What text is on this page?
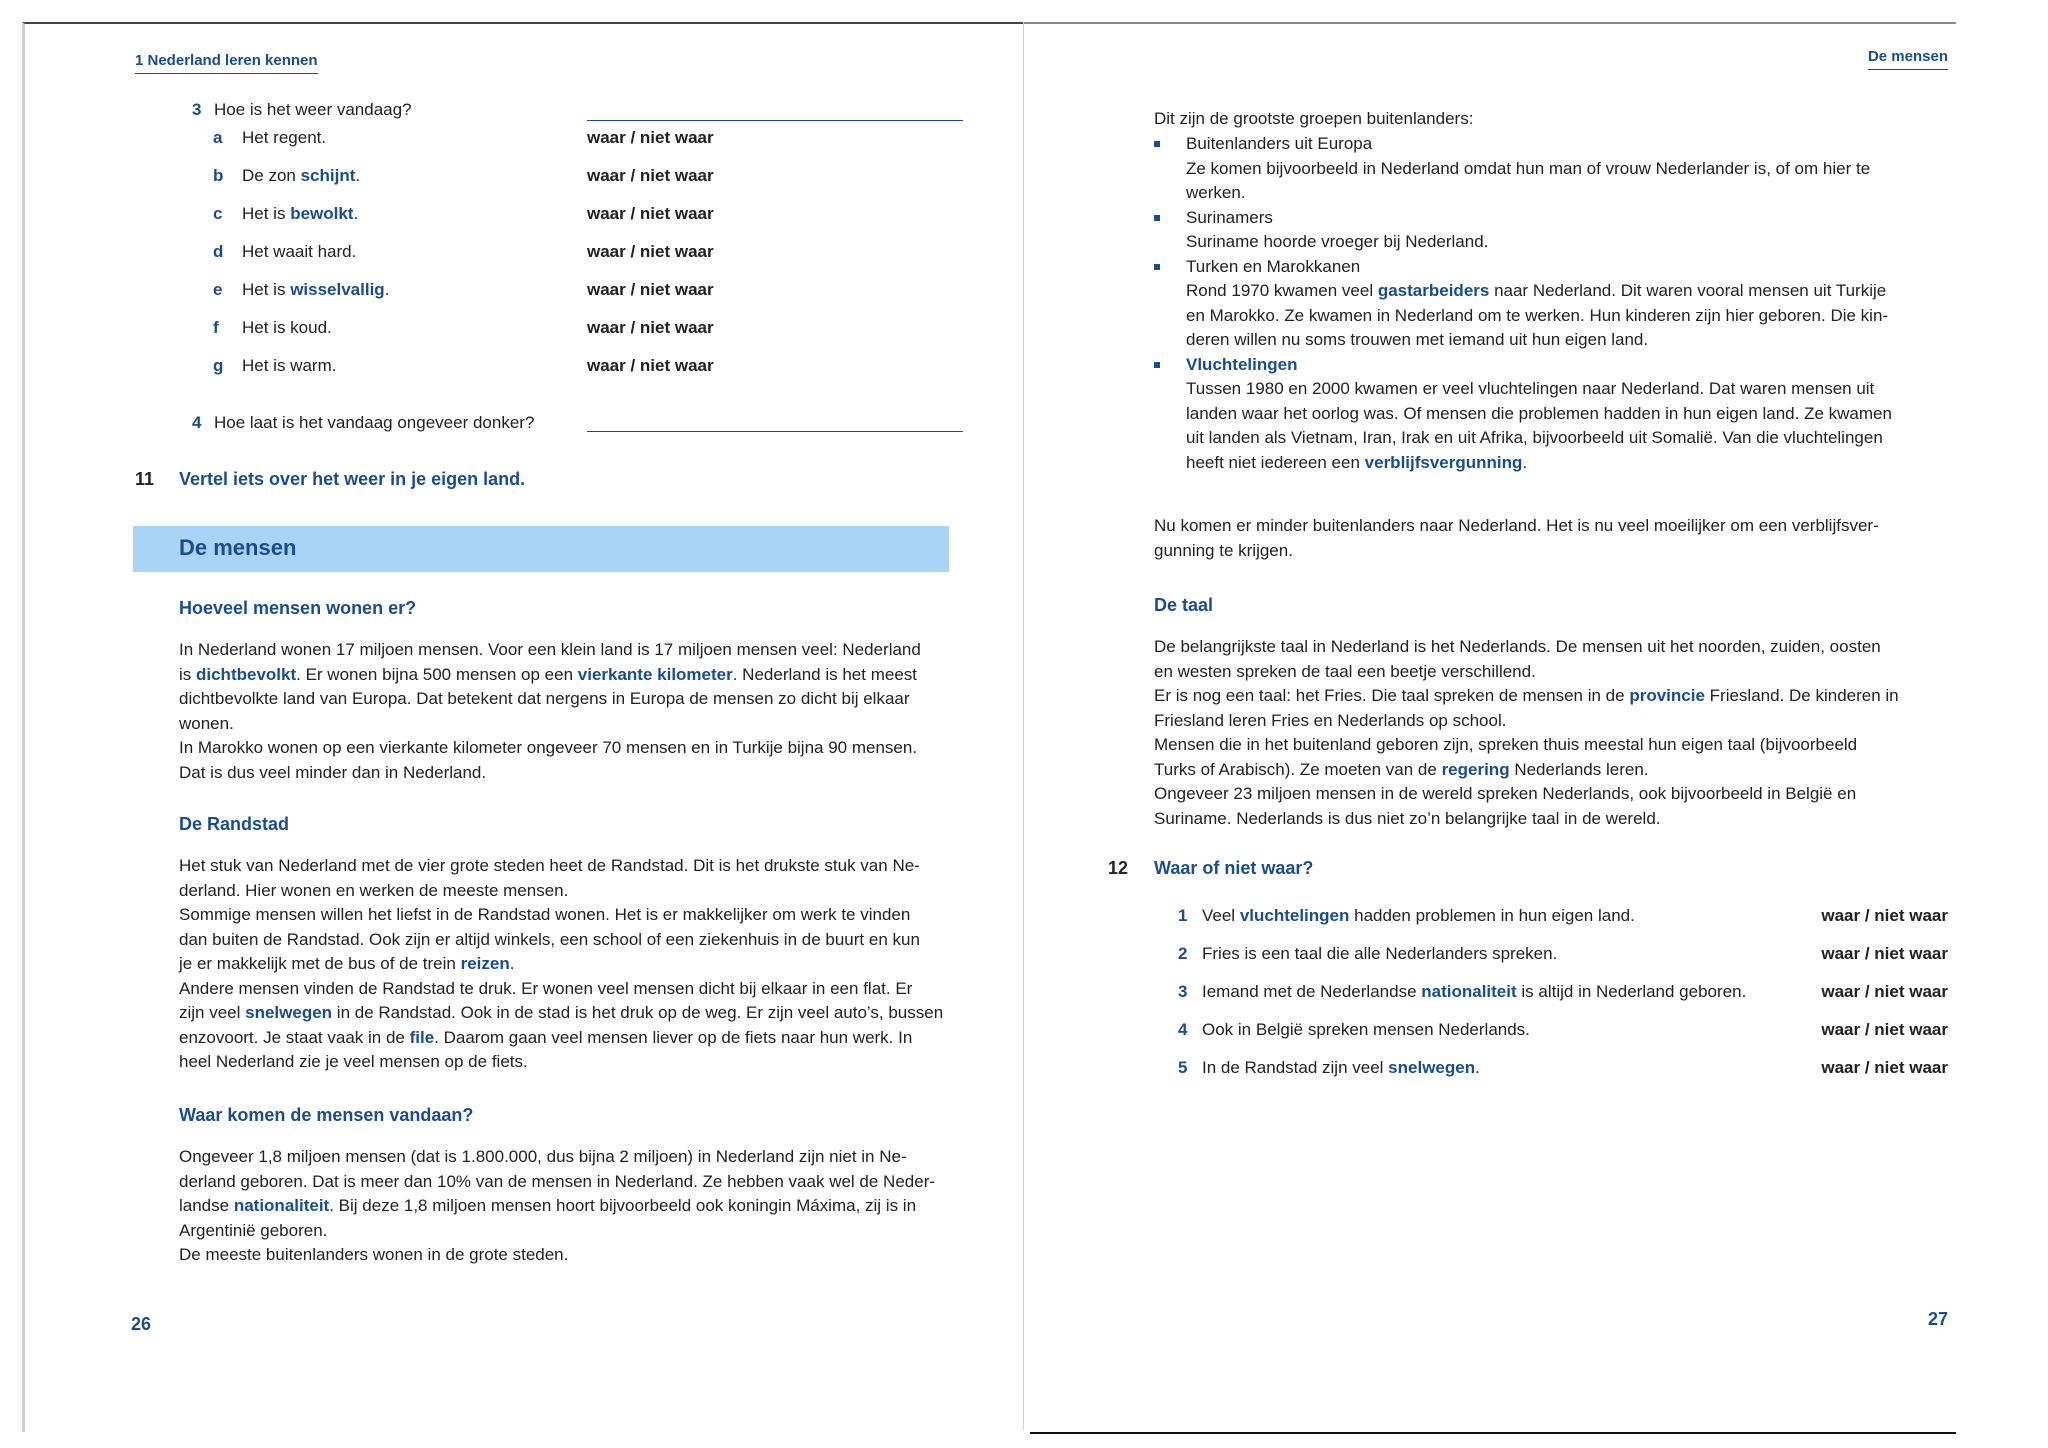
1 Nederland leren kennen
3 Hoe is het weer vandaag?
4 Hoe laat is het vandaag ongeveer donker?
11 Vertel iets over het weer in je eigen land.
De mensen
Hoeveel mensen wonen er?

In Nederland wonen 17 miljoen mensen. Voor een klein land is 17 miljoen mensen veel: Nederland

is dichtbevolkt. Er wonen bijna 500 mensen op een vierkante kilometer. Nederland is het meest

dichtbevolkte land van Europa. Dat betekent dat nergens in Europa de mensen zo dicht bij elkaar

wonen.

In Marokko wonen op een vierkante kilometer ongeveer 70 mensen en in Turkije bijna 90 mensen.

Dat is dus veel minder dan in Nederland.

De Randstad

Het stuk van Nederland met de vier grote steden heet de Randstad. Dit is het drukste stuk van Ne-

derland. Hier wonen en werken de meeste mensen.

Sommige mensen willen het liefst in de Randstad wonen. Het is er makkelijker om werk te vinden

dan buiten de Randstad. Ook zijn er altijd winkels, een school of een ziekenhuis in de buurt en kun

je er makkelijk met de bus of de trein reizen.

Andere mensen vinden de Randstad te druk. Er wonen veel mensen dicht bij elkaar in een flat. Er

zijn veel snelwegen in de Randstad. Ook in de stad is het druk op de weg. Er zijn veel auto’s, bussen

enzovoort. Je staat vaak in de file. Daarom gaan veel mensen liever op de fiets naar hun werk. In

heel Nederland zie je veel mensen op de fiets.

Waar komen de mensen vandaan?

Ongeveer 1,8 miljoen mensen (dat is 1.800.000, dus bijna 2 miljoen) in Nederland zijn niet in Ne-

derland geboren. Dat is meer dan 10% van de mensen in Nederland. Ze hebben vaak wel de Neder-

landse nationaliteit. Bij deze 1,8 miljoen mensen hoort bijvoorbeeld ook koningin Máxima, zij is in

Argentinië geboren.

De meeste buitenlanders wonen in de grote steden.

26
a Het regent.	waar / niet waar
b De zon schijnt.	waar / niet waar
c Het is bewolkt.	waar / niet waar
d Het waait hard.	waar / niet waar
e Het is wisselvallig.	waar / niet waar
f Het is koud.	waar / niet waar
g Het is warm.	waar / niet waar
De mensen
Dit zijn de grootste groepen buitenlanders:

Buitenlanders uit Europa

Ze komen bijvoorbeeld in Nederland omdat hun man of vrouw Nederlander is, of om hier te

werken.

Surinamers

Suriname hoorde vroeger bij Nederland.

Turken en Marokkanen

Rond 1970 kwamen veel gastarbeiders naar Nederland. Dit waren vooral mensen uit Turkije

en Marokko. Ze kwamen in Nederland om te werken. Hun kinderen zijn hier geboren. Die kin-

deren willen nu soms trouwen met iemand uit hun eigen land.

Vluchtelingen

Tussen 1980 en 2000 kwamen er veel vluchtelingen naar Nederland. Dat waren mensen uit

landen waar het oorlog was. Of mensen die problemen hadden in hun eigen land. Ze kwamen

uit landen als Vietnam, Iran, Irak en uit Afrika, bijvoorbeeld uit Somalië. Van die vluchtelingen

heeft niet iedereen een verblijfsvergunning.

Nu komen er minder buitenlanders naar Nederland. Het is nu veel moeilijker om een verblijfsver-

gunning te krijgen.

De taal

De belangrijkste taal in Nederland is het Nederlands. De mensen uit het noorden, zuiden, oosten

en westen spreken de taal een beetje verschillend.

Er is nog een taal: het Fries. Die taal spreken de mensen in de provincie Friesland. De kinderen in

Friesland leren Fries en Nederlands op school.

Mensen die in het buitenland geboren zijn, spreken thuis meestal hun eigen taal (bijvoorbeeld

Turks of Arabisch). Ze moeten van de regering Nederlands leren.

Ongeveer 23 miljoen mensen in de wereld spreken Nederlands, ook bijvoorbeeld in België en

Suriname. Nederlands is dus niet zo’n belangrijke taal in de wereld.

12 Waar of niet waar?
27
1 Veel vluchtelingen hadden problemen in hun eigen land.	waar / niet waar
2 Fries is een taal die alle Nederlanders spreken.	waar / niet waar
3 Iemand met de Nederlandse nationaliteit is altijd in Nederland geboren.	waar / niet waar
4 Ook in België spreken mensen Nederlands.	waar / niet waar
5 In de Randstad zijn veel snelwegen.	waar / niet waar
